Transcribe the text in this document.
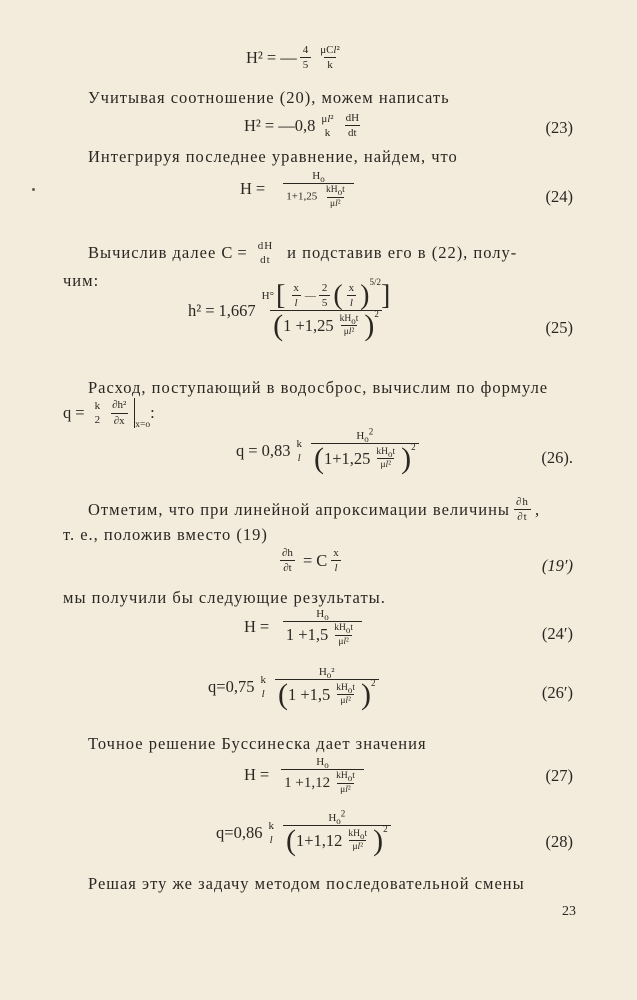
H² = — $\frac{4}{5} \frac{\text{μCl²}}{k}$
Учитывая соотношение (20), можем написать
H² = —0,8 μl²
k $\frac{dH}{dt}$	(23)
Интегрируя последнее уравнение, найдем, что
$H = \frac{H_o}{1+1,25 \frac{kH_ot}{\text{μl²}}}$	(24)
Вычислив далее C = dH
dt и подставив его в (22), полу-
чим:
$h^2 = 1,667 \frac{H^\circ [ \frac{x}{l} — \frac{2}{5} ( \frac{x}{l} )^{5/2} ]}{( 1 + 1,25 \frac{kH_ot}{\text{μl²}} )^2}$	(25)
Расход, поступающий в водосброс, вычислим по формуле
q = k
$2 \frac{\text{∂h²}}{\partial x} x=o$
:
q = 0,83 k
l $\frac{H_o^2}{( 1+ 1,25 \frac{kH_ot}{\text{μl²}} )^2}$	(26).
Отметим, что при линейной апроксимации величины $\frac{\partial h}{\partial t}$ ,
т. е., положив вместо (19)
$\frac{\partial h}{\partial t} = C \frac{x}{l}$	(19′)
мы получили бы следующие результаты.
$H = \frac{H_o}{1 + 1,5 \frac{kH_ot}{\text{μl²}}}$	(24′)
q=0,75 k
l $\frac{H_o^2}{( 1 + 1,5 \frac{kH_ot}{\text{μl²}} )^2}$	(26′)
Точное решение Буссинеска дает значения
$H = \frac{H_o}{1 + 1,12 \frac{kH_ot}{\text{μl²}}}$	(27)
q=0,86 k
l $\frac{H_o^2}{( 1+ 1,12 \frac{kH_ot}{\text{μl²}} )^2}$	(28)
Решая эту же задачу методом последовательной смены
23
